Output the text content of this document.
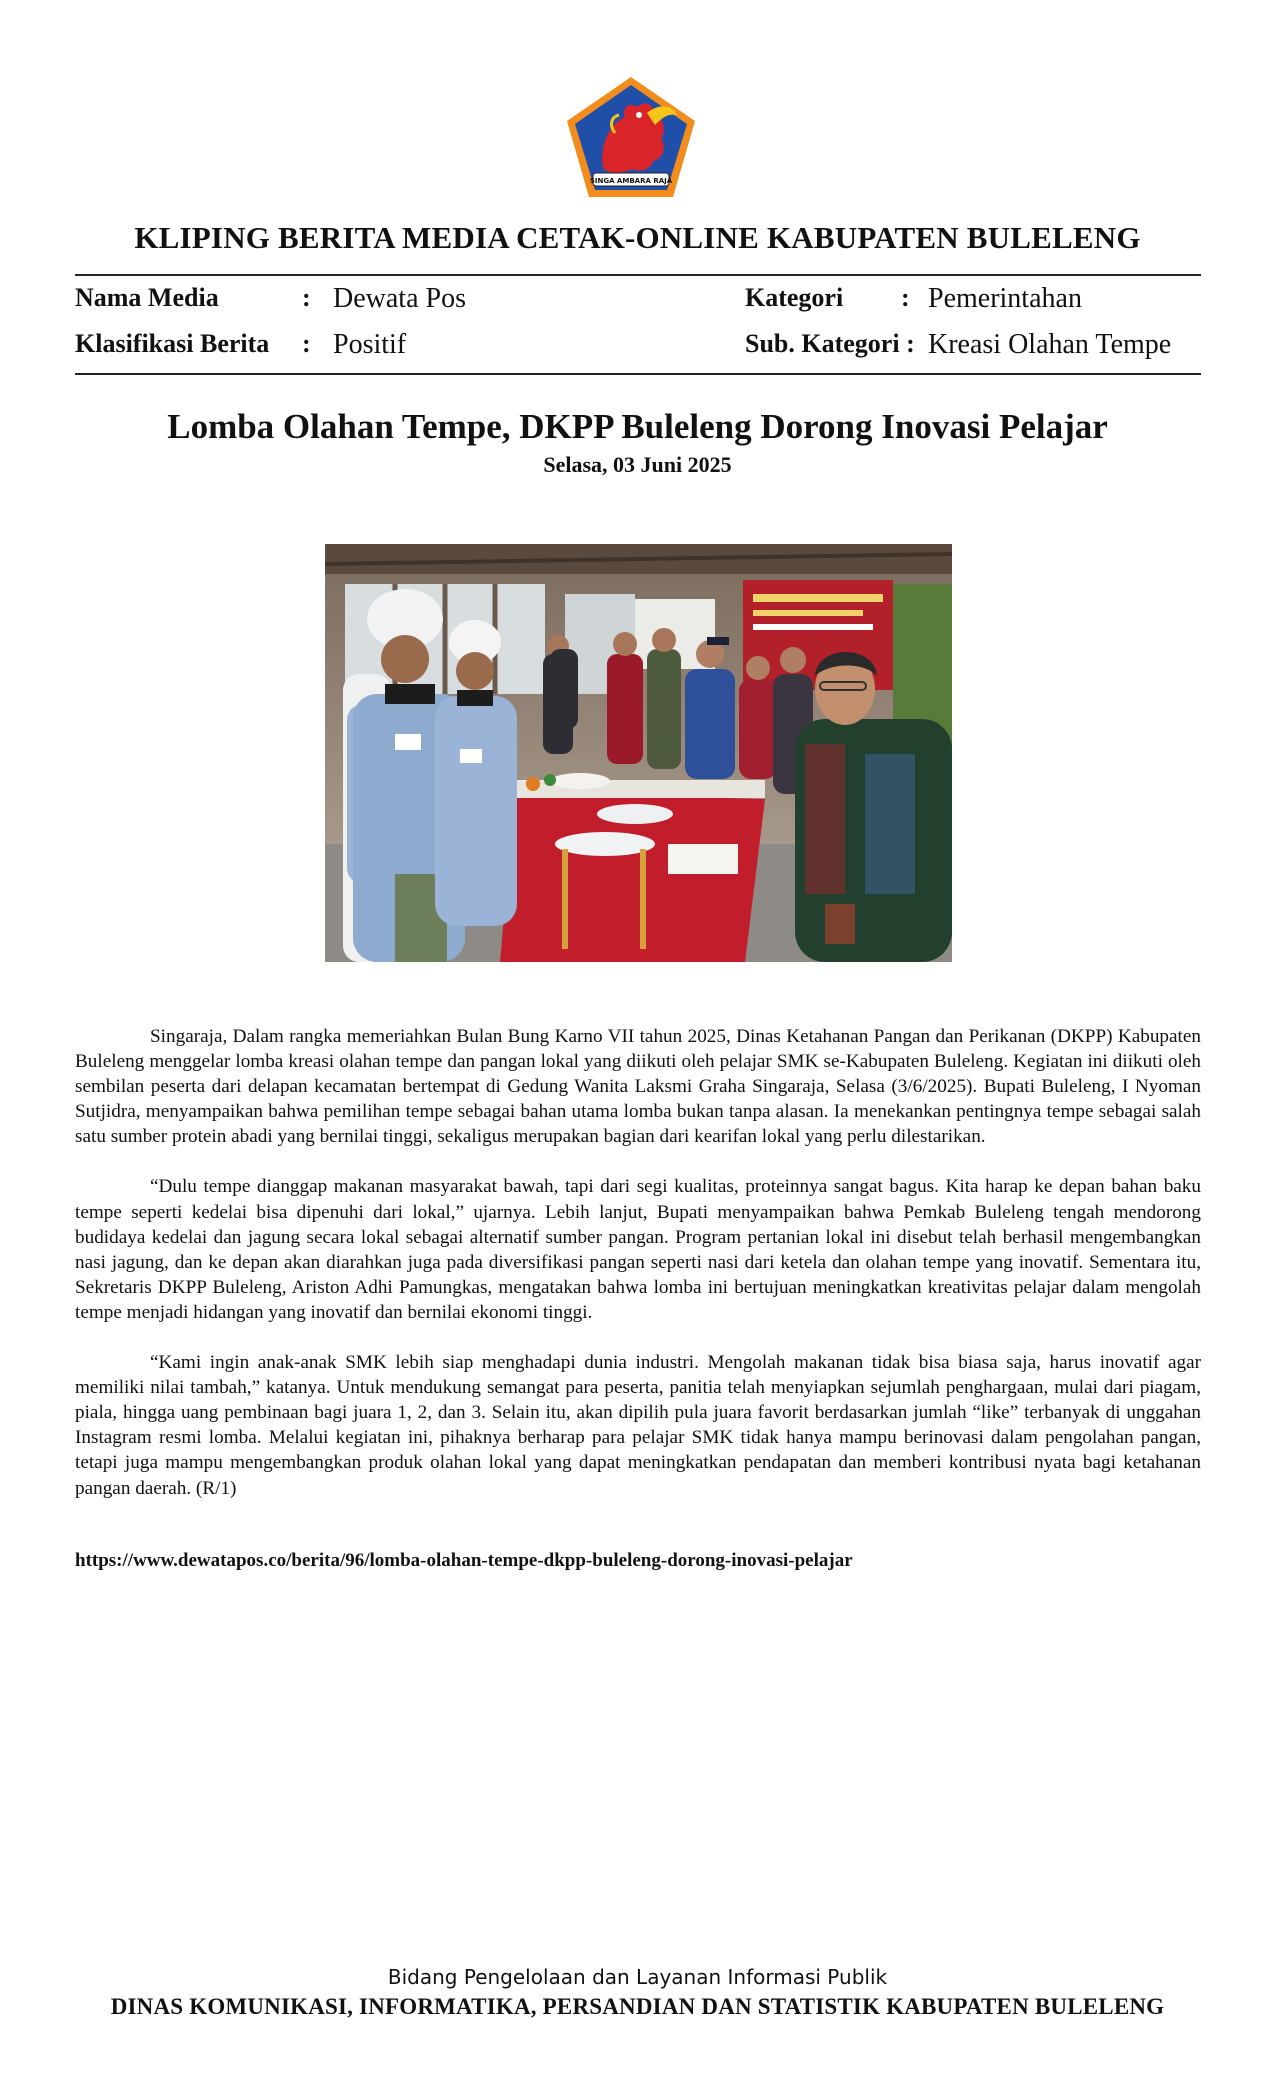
SINGA AMBARA RAJA
KLIPING BERITA MEDIA CETAK-ONLINE KABUPATEN BULELENG
Nama Media	: Dewata Pos
Klasifikasi Berita : Positif
Kategori : Pemerintahan
Sub. Kategori : Kreasi Olahan Tempe
Lomba Olahan Tempe, DKPP Buleleng Dorong Inovasi Pelajar
Selasa, 03 Juni 2025

Singaraja, Dalam rangka memeriahkan Bulan Bung Karno VII tahun 2025, Dinas Ketahanan Pangan dan Perikanan (DKPP) Kabupaten Buleleng menggelar lomba kreasi olahan tempe dan pangan lokal yang diikuti oleh pelajar SMK se-Kabupaten Buleleng. Kegiatan ini diikuti oleh sembilan peserta dari delapan kecamatan bertempat di Gedung Wanita Laksmi Graha Singaraja, Selasa (3/6/2025). Bupati Buleleng, I Nyoman Sutjidra, menyampaikan bahwa pemilihan tempe sebagai bahan utama lomba bukan tanpa alasan. Ia menekankan pentingnya tempe sebagai salah satu sumber protein abadi yang bernilai tinggi, sekaligus merupakan bagian dari kearifan lokal yang perlu dilestarikan.

“Dulu tempe dianggap makanan masyarakat bawah, tapi dari segi kualitas, proteinnya sangat bagus. Kita harap ke depan bahan baku tempe seperti kedelai bisa dipenuhi dari lokal,” ujarnya. Lebih lanjut, Bupati menyampaikan bahwa Pemkab Buleleng tengah mendorong budidaya kedelai dan jagung secara lokal sebagai alternatif sumber pangan. Program pertanian lokal ini disebut telah berhasil mengembangkan nasi jagung, dan ke depan akan diarahkan juga pada diversifikasi pangan seperti nasi dari ketela dan olahan tempe yang inovatif. Sementara itu, Sekretaris DKPP Buleleng, Ariston Adhi Pamungkas, mengatakan bahwa lomba ini bertujuan meningkatkan kreativitas pelajar dalam mengolah tempe menjadi hidangan yang inovatif dan bernilai ekonomi tinggi.

“Kami ingin anak-anak SMK lebih siap menghadapi dunia industri. Mengolah makanan tidak bisa biasa saja, harus inovatif agar memiliki nilai tambah,” katanya. Untuk mendukung semangat para peserta, panitia telah menyiapkan sejumlah penghargaan, mulai dari piagam, piala, hingga uang pembinaan bagi juara 1, 2, dan 3. Selain itu, akan dipilih pula juara favorit berdasarkan jumlah “like” terbanyak di unggahan Instagram resmi lomba. Melalui kegiatan ini, pihaknya berharap para pelajar SMK tidak hanya mampu berinovasi dalam pengolahan pangan, tetapi juga mampu mengembangkan produk olahan lokal yang dapat meningkatkan pendapatan dan memberi kontribusi nyata bagi ketahanan pangan daerah. (R/1)

https://www.dewatapos.co/berita/96/lomba-olahan-tempe-dkpp-buleleng-dorong-inovasi-pelajar
Bidang Pengelolaan dan Layanan Informasi Publik
DINAS KOMUNIKASI, INFORMATIKA, PERSANDIAN DAN STATISTIK KABUPATEN BULELENG
